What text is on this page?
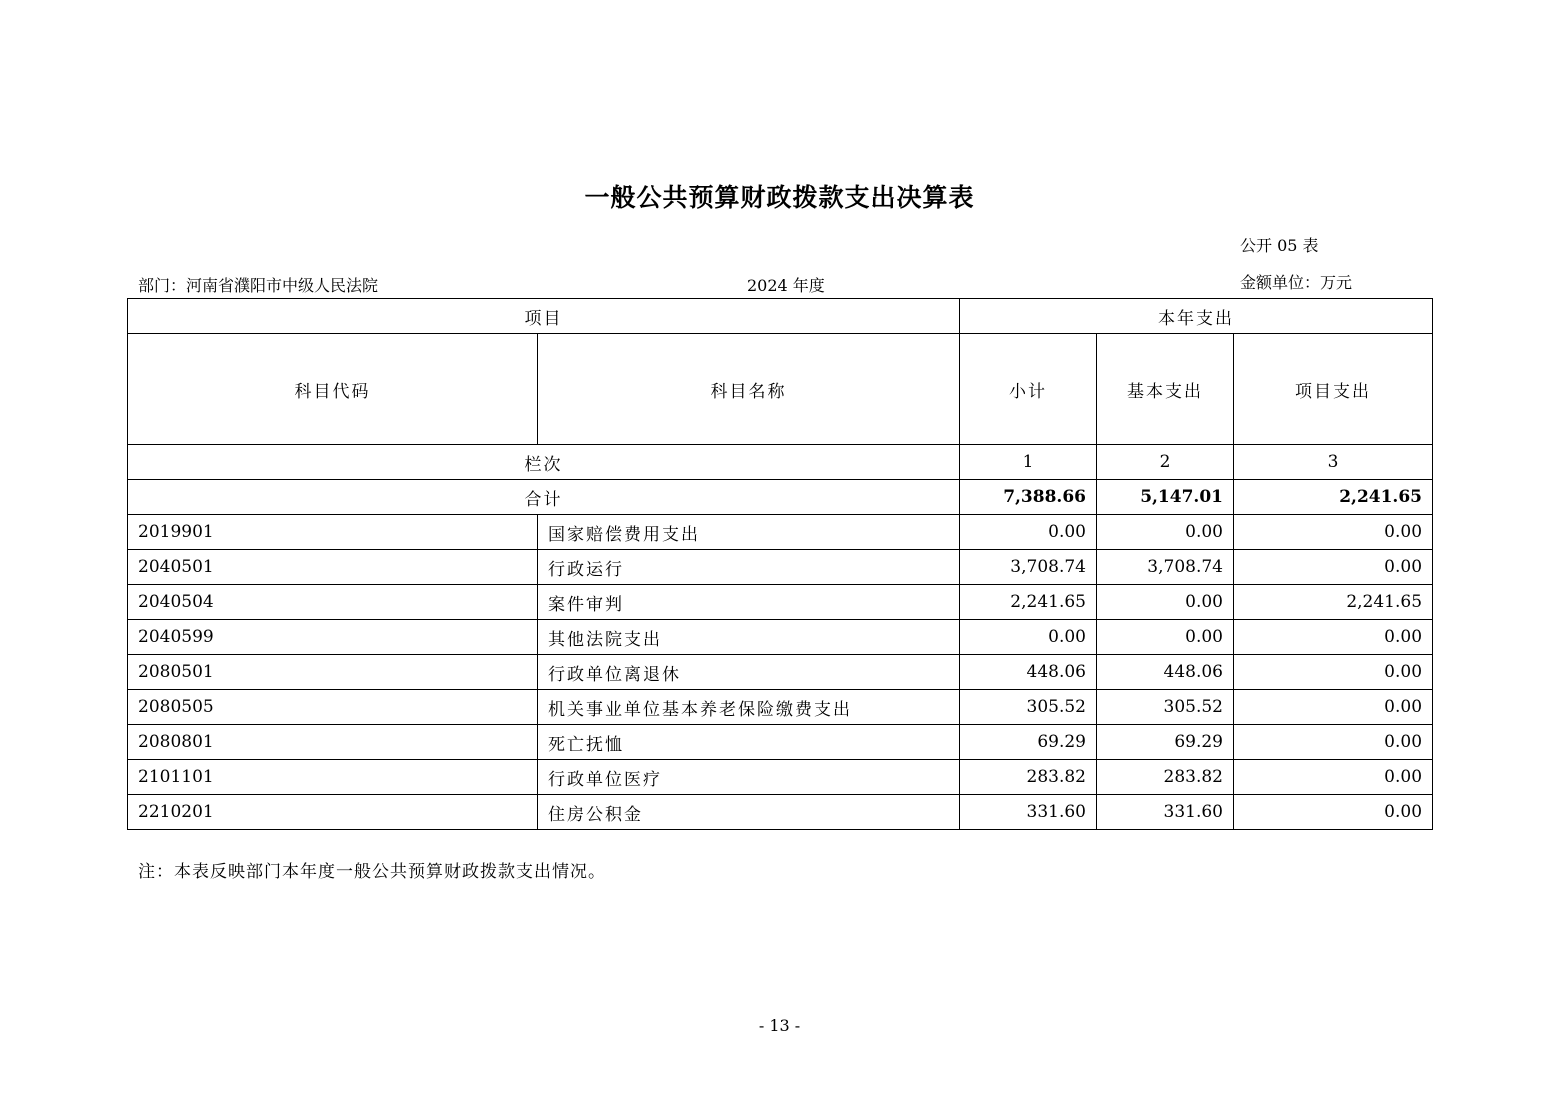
一般公共预算财政拨款支出决算表
公开 05 表
部门：河南省濮阳市中级人民法院	2024 年度	金额单位：万元
项目		本年支出		
科目代码	科目名称	小计	基本支出	项目支出
栏次		1	2	3
合计		7,388.66	5,147.01	2,241.65
2019901	国家赔偿费用支出	0.00	0.00	0.00
2040501	行政运行	3,708.74	3,708.74	0.00
2040504	案件审判	2,241.65	0.00	2,241.65
2040599	其他法院支出	0.00	0.00	0.00
2080501	行政单位离退休	448.06	448.06	0.00
2080505	机关事业单位基本养老保险缴费支出	305.52	305.52	0.00
2080801	死亡抚恤	69.29	69.29	0.00
2101101	行政单位医疗	283.82	283.82	0.00
2210201	住房公积金	331.60	331.60	0.00
注：本表反映部门本年度一般公共预算财政拨款支出情况。
- 13 -
